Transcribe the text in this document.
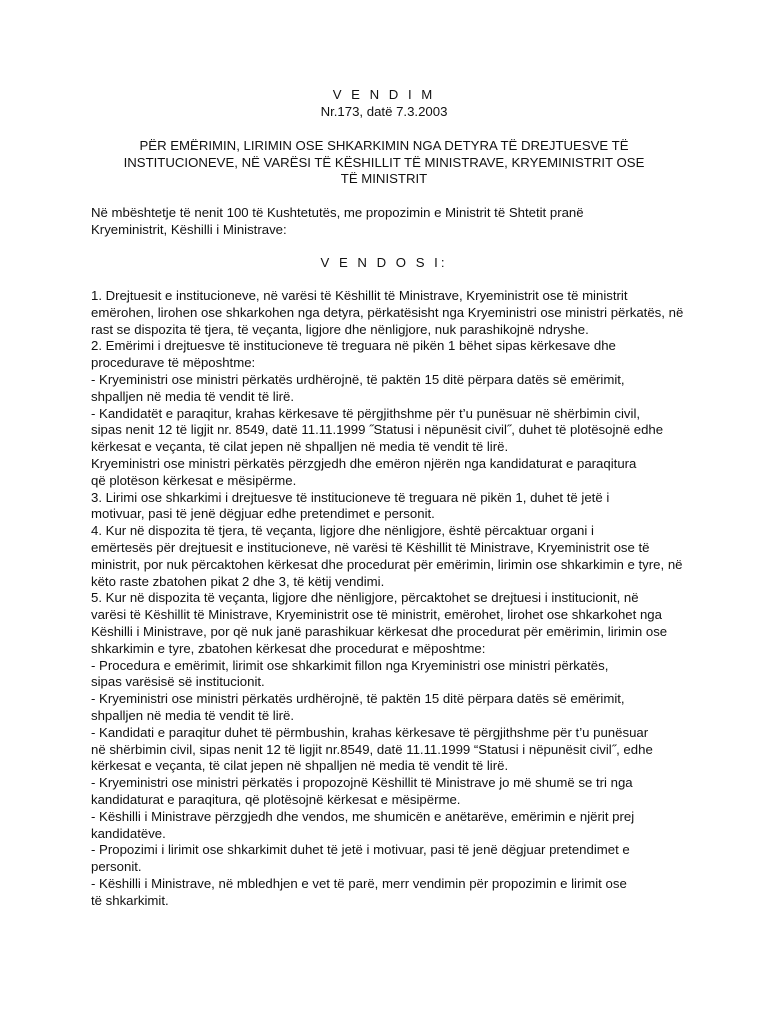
V E N D I M
Nr.173, datë 7.3.2003
PËR EMËRIMIN, LIRIMIN OSE SHKARKIMIN NGA DETYRA TË DREJTUESVE TË
INSTITUCIONEVE, NË VARËSI TË KËSHILLIT TË MINISTRAVE, KRYEMINISTRIT OSE
TË MINISTRIT
Në mbështetje të nenit 100 të Kushtetutës, me propozimin e Ministrit të Shtetit pranë
Kryeministrit, Këshilli i Ministrave:
V E N D O S I:
1. Drejtuesit e institucioneve, në varësi të Këshillit të Ministrave, Kryeministrit ose të ministrit
emërohen, lirohen ose shkarkohen nga detyra, përkatësisht nga Kryeministri ose ministri përkatës, në
rast se dispozita të tjera, të veçanta, ligjore dhe nënligjore, nuk parashikojnë ndryshe.
2. Emërimi i drejtuesve të institucioneve të treguara në pikën 1 bëhet sipas kërkesave dhe
procedurave të mëposhtme:
- Kryeministri ose ministri përkatës urdhërojnë, të paktën 15 ditë përpara datës së emërimit,
shpalljen në media të vendit të lirë.
- Kandidatët e paraqitur, krahas kërkesave të përgjithshme për t’u punësuar në shërbimin civil,
sipas nenit 12 të ligjit nr. 8549, datë 11.11.1999 ˝Statusi i nëpunësit civil˝, duhet të plotësojnë edhe
kërkesat e veçanta, të cilat jepen në shpalljen në media të vendit të lirë.
Kryeministri ose ministri përkatës përzgjedh dhe emëron njërën nga kandidaturat e paraqitura
që plotëson kërkesat e mësipërme.
3. Lirimi ose shkarkimi i drejtuesve të institucioneve të treguara në pikën 1, duhet të jetë i
motivuar, pasi të jenë dëgjuar edhe pretendimet e personit.
4. Kur në dispozita të tjera, të veçanta, ligjore dhe nënligjore, është përcaktuar organi i
emërtesës për drejtuesit e institucioneve, në varësi të Këshillit të Ministrave, Kryeministrit ose të
ministrit, por nuk përcaktohen kërkesat dhe procedurat për emërimin, lirimin ose shkarkimin e tyre, në
këto raste zbatohen pikat 2 dhe 3, të këtij vendimi.
5. Kur në dispozita të veçanta, ligjore dhe nënligjore, përcaktohet se drejtuesi i institucionit, në
varësi të Këshillit të Ministrave, Kryeministrit ose të ministrit, emërohet, lirohet ose shkarkohet nga
Këshilli i Ministrave, por që nuk janë parashikuar kërkesat dhe procedurat për emërimin, lirimin ose
shkarkimin e tyre, zbatohen kërkesat dhe procedurat e mëposhtme:
- Procedura e emërimit, lirimit ose shkarkimit fillon nga Kryeministri ose ministri përkatës,
sipas varësisë së institucionit.
- Kryeministri ose ministri përkatës urdhërojnë, të paktën 15 ditë përpara datës së emërimit,
shpalljen në media të vendit të lirë.
- Kandidati e paraqitur duhet të përmbushin, krahas kërkesave të përgjithshme për t’u punësuar
në shërbimin civil, sipas nenit 12 të ligjit nr.8549, datë 11.11.1999 “Statusi i nëpunësit civil˝, edhe
kërkesat e veçanta, të cilat jepen në shpalljen në media të vendit të lirë.
- Kryeministri ose ministri përkatës i propozojnë Këshillit të Ministrave jo më shumë se tri nga
kandidaturat e paraqitura, që plotësojnë kërkesat e mësipërme.
- Këshilli i Ministrave përzgjedh dhe vendos, me shumicën e anëtarëve, emërimin e njërit prej
kandidatëve.
- Propozimi i lirimit ose shkarkimit duhet të jetë i motivuar, pasi të jenë dëgjuar pretendimet e
personit.
- Këshilli i Ministrave, në mbledhjen e vet të parë, merr vendimin për propozimin e lirimit ose
të shkarkimit.
